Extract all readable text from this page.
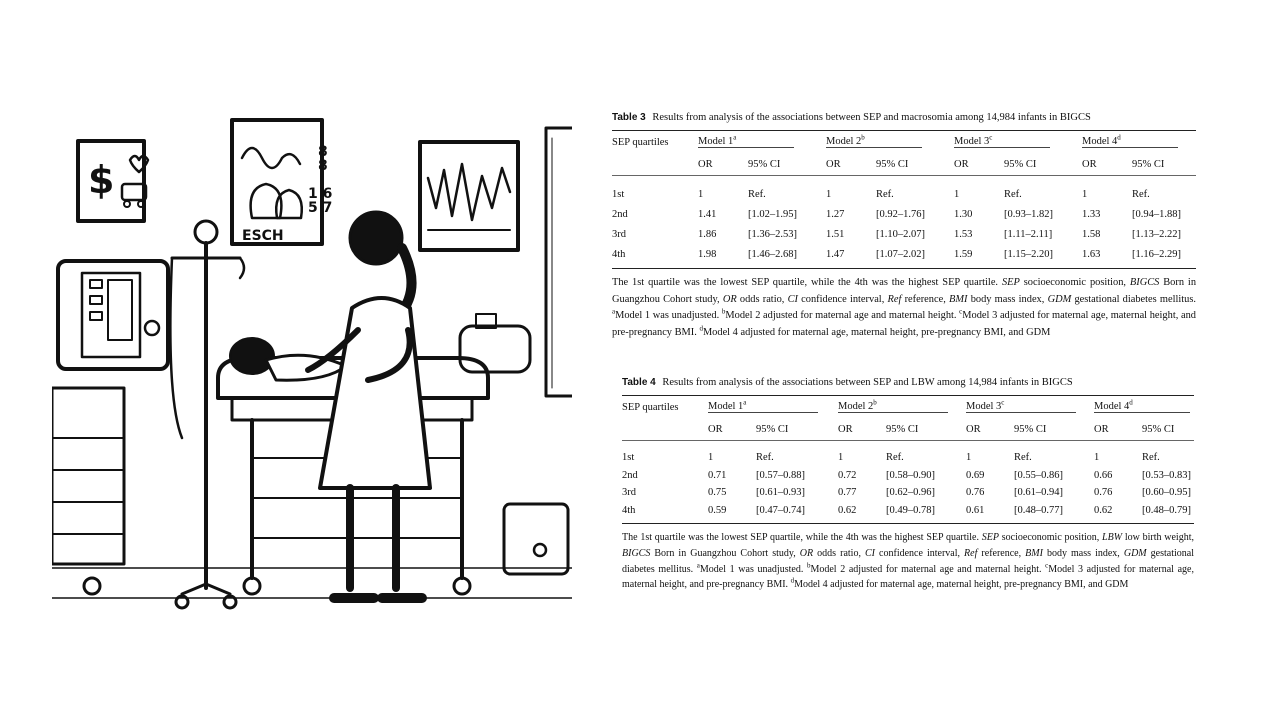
$
ESCH
1 6
5 7
8
8
Table 3 Results from analysis of the associations between SEP and macrosomia among 14,984 infants in BIGCS
SEP quartiles	Model 1$^a$		Model 2$^b$		Model 3$^c$		Model 4$^d$
	OR	95% CI	OR	95% CI	OR	95% CI	OR	95% CI

1st	1	Ref.	1	Ref.	1	Ref.	1	Ref.
2nd	1.41	[1.02–1.95]	1.27	[0.92–1.76]	1.30	[0.93–1.82]	1.33	[0.94–1.88]
3rd	1.86	[1.36–2.53]	1.51	[1.10–2.07]	1.53	[1.11–2.11]	1.58	[1.13–2.22]
4th	1.98	[1.46–2.68]	1.47	[1.07–2.02]	1.59	[1.15–2.20]	1.63	[1.16–2.29]
The 1st quartile was the lowest SEP quartile, while the 4th was the highest SEP quartile. SEP socioeconomic position, BIGCS Born in Guangzhou Cohort study, OR odds ratio, CI confidence interval, Ref reference, BMI body mass index, GDM gestational diabetes mellitus. $^a$Model 1 was unadjusted. $^b$Model 2 adjusted for maternal age and maternal height. $^c$Model 3 adjusted for maternal age, maternal height, and pre-pregnancy BMI. $^d$Model 4 adjusted for maternal age, maternal height, pre-pregnancy BMI, and GDM
Table 4 Results from analysis of the associations between SEP and LBW among 14,984 infants in BIGCS
SEP quartiles	Model 1$^a$		Model 2$^b$		Model 3$^c$		Model 4$^d$
	OR	95% CI	OR	95% CI	OR	95% CI	OR	95% CI

1st	1	Ref.	1	Ref.	1	Ref.	1	Ref.
2nd	0.71	[0.57–0.88]	0.72	[0.58–0.90]	0.69	[0.55–0.86]	0.66	[0.53–0.83]
3rd	0.75	[0.61–0.93]	0.77	[0.62–0.96]	0.76	[0.61–0.94]	0.76	[0.60–0.95]
4th	0.59	[0.47–0.74]	0.62	[0.49–0.78]	0.61	[0.48–0.77]	0.62	[0.48–0.79]
The 1st quartile was the lowest SEP quartile, while the 4th was the highest SEP quartile. SEP socioeconomic position, LBW low birth weight, BIGCS Born in Guangzhou Cohort study, OR odds ratio, CI confidence interval, Ref reference, BMI body mass index, GDM gestational diabetes mellitus. $^a$Model 1 was unadjusted. $^b$Model 2 adjusted for maternal age and maternal height. $^c$Model 3 adjusted for maternal age, maternal height, and pre-pregnancy BMI. $^d$Model 4 adjusted for maternal age, maternal height, pre-pregnancy BMI, and GDM
